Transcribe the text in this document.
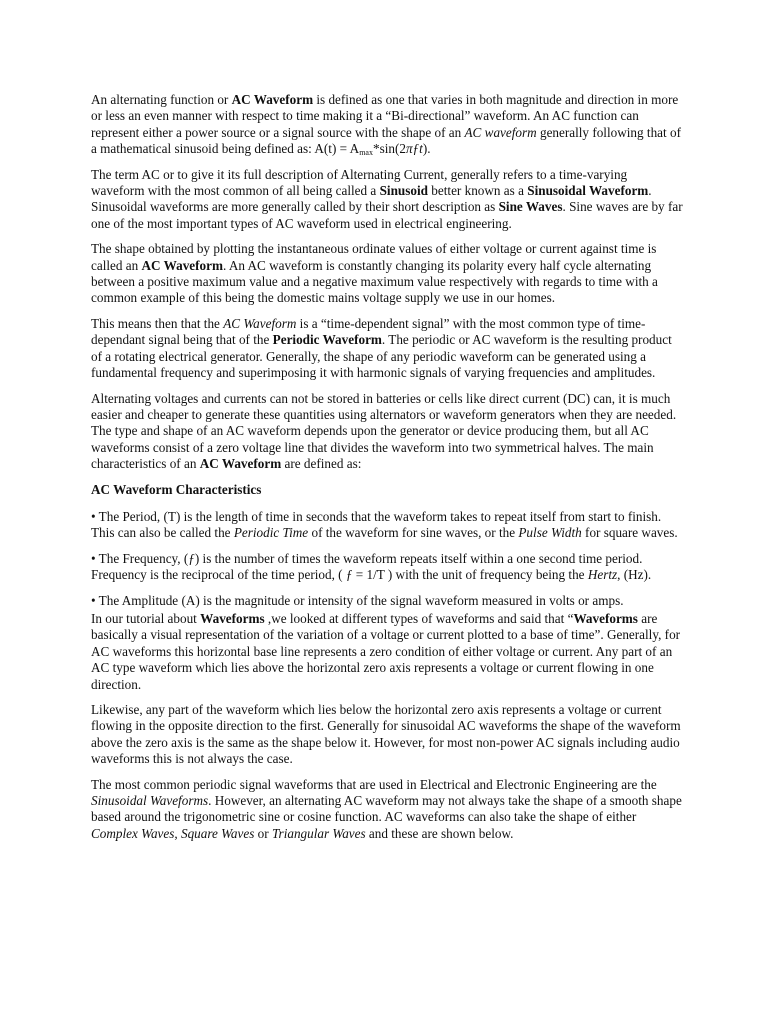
An alternating function or AC Waveform is defined as one that varies in both magnitude and direction in more or less an even manner with respect to time making it a “Bi-directional” waveform. An AC function can represent either a power source or a signal source with the shape of an AC waveform generally following that of a mathematical sinusoid being defined as: $A(t) = A_{max}*\sin(2\pi ƒt)$.

The term AC or to give it its full description of Alternating Current, generally refers to a time-varying waveform with the most common of all being called a Sinusoid better known as a Sinusoidal Waveform. Sinusoidal waveforms are more generally called by their short description as Sine Waves. Sine waves are by far one of the most important types of AC waveform used in electrical engineering.

The shape obtained by plotting the instantaneous ordinate values of either voltage or current against time is called an AC Waveform. An AC waveform is constantly changing its polarity every half cycle alternating between a positive maximum value and a negative maximum value respectively with regards to time with a common example of this being the domestic mains voltage supply we use in our homes.

This means then that the AC Waveform is a “time-dependent signal” with the most common type of time-dependant signal being that of the Periodic Waveform. The periodic or AC waveform is the resulting product of a rotating electrical generator. Generally, the shape of any periodic waveform can be generated using a fundamental frequency and superimposing it with harmonic signals of varying frequencies and amplitudes.

Alternating voltages and currents can not be stored in batteries or cells like direct current (DC) can, it is much easier and cheaper to generate these quantities using alternators or waveform generators when they are needed. The type and shape of an AC waveform depends upon the generator or device producing them, but all AC waveforms consist of a zero voltage line that divides the waveform into two symmetrical halves. The main characteristics of an AC Waveform are defined as:

AC Waveform Characteristics

• The Period, (T) is the length of time in seconds that the waveform takes to repeat itself from start to finish. This can also be called the Periodic Time of the waveform for sine waves, or the Pulse Width for square waves.

• The Frequency, (ƒ) is the number of times the waveform repeats itself within a one second time period. Frequency is the reciprocal of the time period, ( ƒ = 1/T ) with the unit of frequency being the Hertz, (Hz).

• The Amplitude (A) is the magnitude or intensity of the signal waveform measured in volts or amps.

In our tutorial about Waveforms ,we looked at different types of waveforms and said that “Waveforms are basically a visual representation of the variation of a voltage or current plotted to a base of time”. Generally, for AC waveforms this horizontal base line represents a zero condition of either voltage or current. Any part of an AC type waveform which lies above the horizontal zero axis represents a voltage or current flowing in one direction.

Likewise, any part of the waveform which lies below the horizontal zero axis represents a voltage or current flowing in the opposite direction to the first. Generally for sinusoidal AC waveforms the shape of the waveform above the zero axis is the same as the shape below it. However, for most non-power AC signals including audio waveforms this is not always the case.

The most common periodic signal waveforms that are used in Electrical and Electronic Engineering are the Sinusoidal Waveforms. However, an alternating AC waveform may not always take the shape of a smooth shape based around the trigonometric sine or cosine function. AC waveforms can also take the shape of either Complex Waves, Square Waves or Triangular Waves and these are shown below.
